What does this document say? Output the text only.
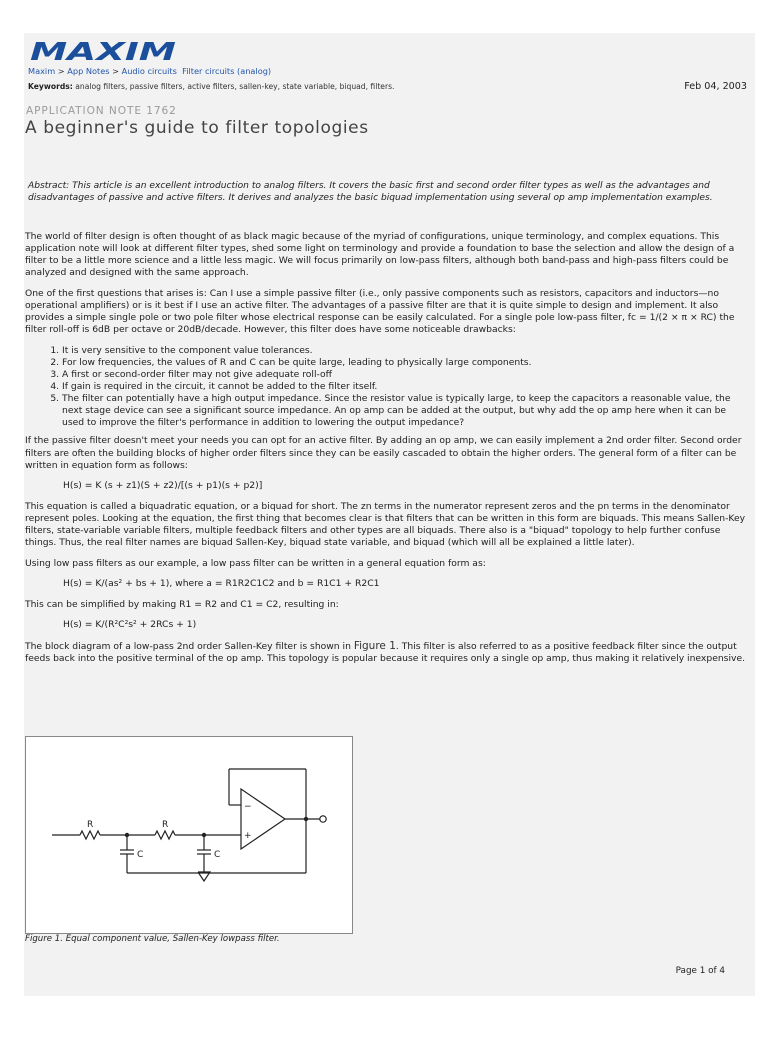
MAXIM
Maxim > App Notes > Audio circuits Filter circuits (analog)
Keywords: analog filters, passive filters, active filters, sallen-key, state variable, biquad, filters.	Feb 04, 2003
APPLICATION NOTE 1762
A beginner's guide to filter topologies

Abstract: This article is an excellent introduction to analog filters. It covers the basic first and second order filter types as well as the advantages and disadvantages of passive and active filters. It derives and analyzes the basic biquad implementation using several op amp implementation examples.

The world of filter design is often thought of as black magic because of the myriad of configurations, unique terminology, and complex equations. This application note will look at different filter types, shed some light on terminology and provide a foundation to base the selection and allow the design of a filter to be a little more science and a little less magic. We will focus primarily on low-pass filters, although both band-pass and high-pass filters could be analyzed and designed with the same approach.

One of the first questions that arises is: Can I use a simple passive filter (i.e., only passive components such as resistors, capacitors and inductors—no operational amplifiers) or is it best if I use an active filter. The advantages of a passive filter are that it is quite simple to design and implement. It also provides a simple single pole or two pole filter whose electrical response can be easily calculated. For a single pole low-pass filter, fc = 1/(2 × π × RC) the filter roll-off is 6dB per octave or 20dB/decade. However, this filter does have some noticeable drawbacks:

1. It is very sensitive to the component value tolerances.
2. For low frequencies, the values of R and C can be quite large, leading to physically large components.
3. A first or second-order filter may not give adequate roll-off
4. If gain is required in the circuit, it cannot be added to the filter itself.
5. The filter can potentially have a high output impedance. Since the resistor value is typically large, to keep the capacitors a reasonable value, the next stage device can see a significant source impedance. An op amp can be added at the output, but why add the op amp here when it can be used to improve the filter's performance in addition to lowering the output impedance?

If the passive filter doesn't meet your needs you can opt for an active filter. By adding an op amp, we can easily implement a 2nd order filter. Second order filters are often the building blocks of higher order filters since they can be easily cascaded to obtain the higher orders. The general form of a filter can be written in equation form as follows:

H(s) = K (s + z1)(S + z2)/[(s + p1)(s + p2)]

This equation is called a biquadratic equation, or a biquad for short. The zn terms in the numerator represent zeros and the pn terms in the denominator represent poles. Looking at the equation, the first thing that becomes clear is that filters that can be written in this form are biquads. This means Sallen-Key filters, state-variable variable filters, multiple feedback filters and other types are all biquads. There also is a "biquad" topology to help further confuse things. Thus, the real filter names are biquad Sallen-Key, biquad state variable, and biquad (which will all be explained a little later).

Using low pass filters as our example, a low pass filter can be written in a general equation form as:

H(s) = K/(as² + bs + 1), where a = R1R2C1C2 and b = R1C1 + R2C1

This can be simplified by making R1 = R2 and C1 = C2, resulting in:

H(s) = K/(R²C²s² + 2RCs + 1)

The block diagram of a low-pass 2nd order Sallen-Key filter is shown in Figure 1. This filter is also referred to as a positive feedback filter since the output feeds back into the positive terminal of the op amp. This topology is popular because it requires only a single op amp, thus making it relatively inexpensive.

R	R
C	C
−
+
Figure 1. Equal component value, Sallen-Key lowpass filter.
Page 1 of 4
